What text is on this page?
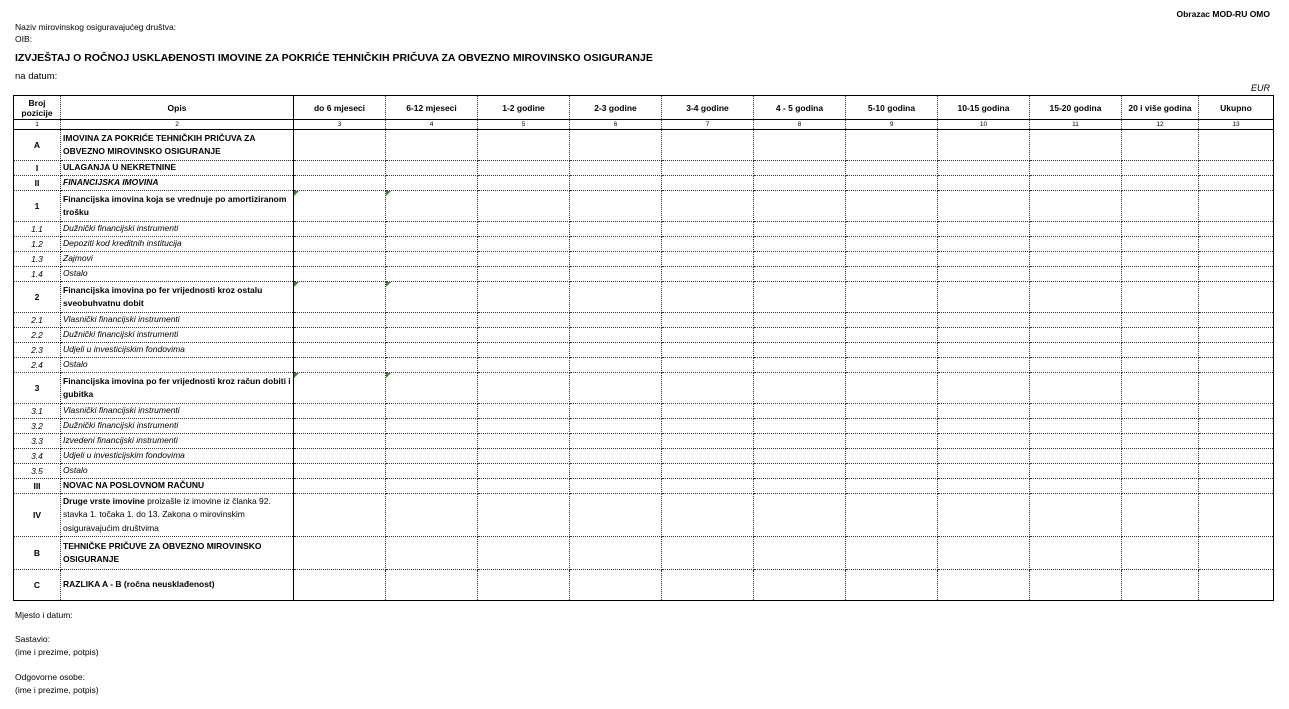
Naziv mirovinskog osiguravajućeg društva:
OIB:
Obrazac MOD-RU OMO
IZVJEŠTAJ O ROČNOJ USKLAĐENOSTI IMOVINE ZA POKRIĆE TEHNIČKIH PRIČUVA ZA OBVEZNO MIROVINSKO OSIGURANJE
na datum:
EUR
Broj pozicije	Opis	do 6 mjeseci	6-12 mjeseci	1-2 godine	2-3 godine	3-4 godine	4 - 5 godina	5-10 godina	10-15 godina	15-20 godina	20 i više godina	Ukupno
1	2	3	4	5	6	7	8	9	10	11	12	13
A	IMOVINA ZA POKRIĆE TEHNIČKIH PRIČUVA ZA OBVEZNO MIROVINSKO OSIGURANJE											
I	ULAGANJA U NEKRETNINE											
II	FINANCIJSKA IMOVINA											
1	Financijska imovina koja se vrednuje po amortiziranom trošku	

1.1	Dužnički financijski instrumenti											
1.2	Depoziti kod kreditnih institucija											
1.3	Zajmovi											
1.4	Ostalo											
2	Financijska imovina po fer vrijednosti kroz ostalu sveobuhvatnu dobit	

2.1	Vlasnički financijski instrumenti											
2.2	Dužnički financijski instrumenti											
2.3	Udjeli u investicijskim fondovima											
2.4	Ostalo											
3	Financijska imovina po fer vrijednosti kroz račun dobiti i gubitka	

3.1	Vlasnički financijski instrumenti											
3.2	Dužnički financijski instrumenti											
3.3	Izvedeni financijski instrumenti											
3.4	Udjeli u investicijskim fondovima											
3.5	Ostalo											
III	NOVAC NA POSLOVNOM RAČUNU											
IV	Druge vrste imovine proizašle iz imovine iz članka 92. stavka 1. točaka 1. do 13. Zakona o mirovinskim osiguravajućim društvima											
B	TEHNIČKE PRIČUVE ZA OBVEZNO MIROVINSKO OSIGURANJE											
C	RAZLIKA A - B (ročna neusklađenost)											
Mjesto i datum:
Sastavio:
(ime i prezime, potpis)
Odgovorne osobe:
(ime i prezime, potpis)
